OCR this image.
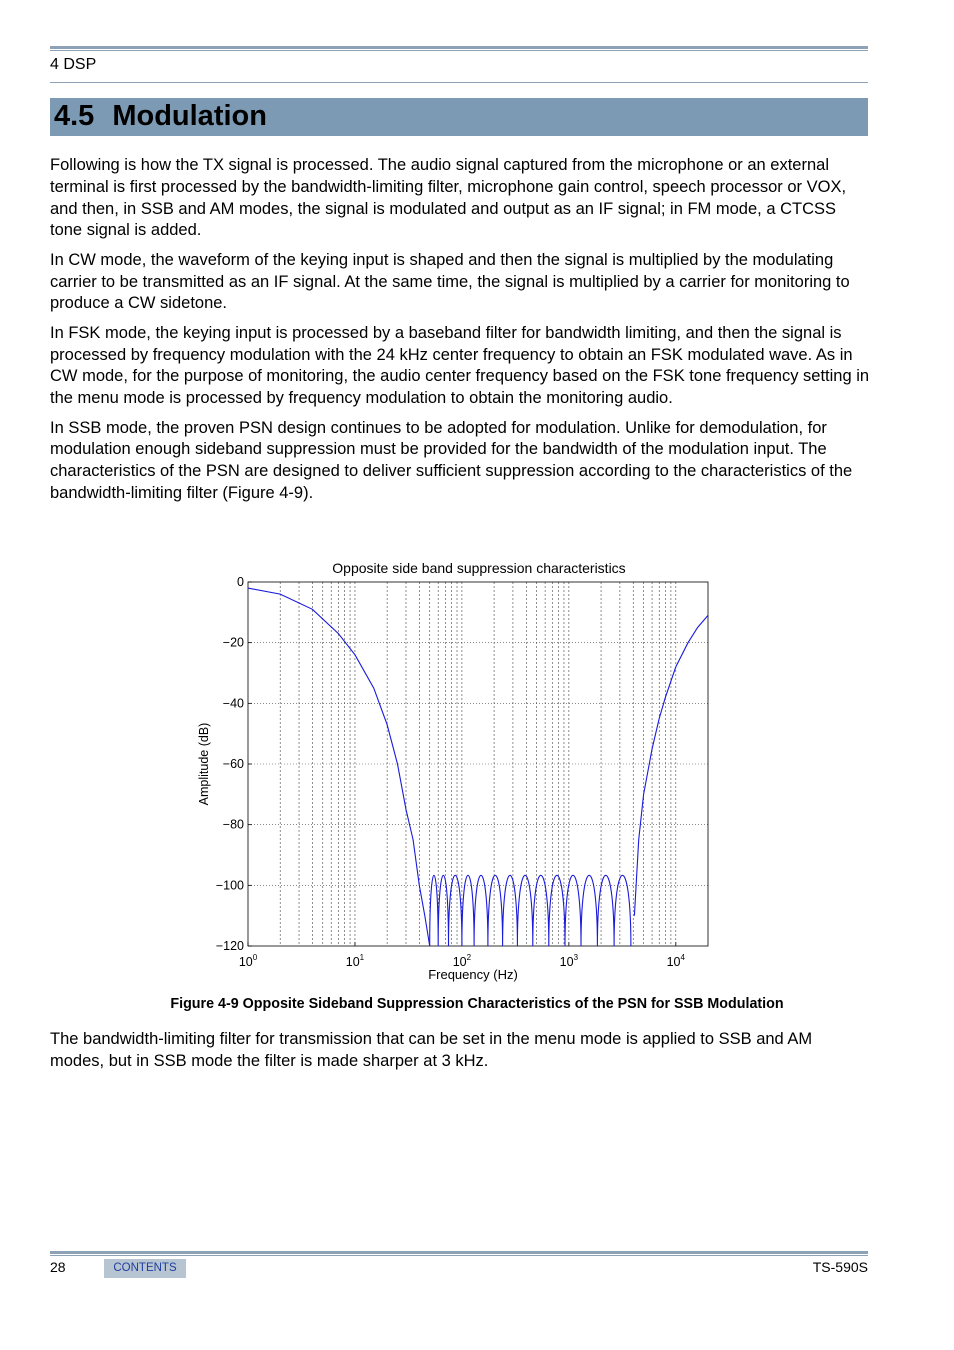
4 DSP
4.5 Modulation

Following is how the TX signal is processed. The audio signal captured from the microphone or an external terminal is first processed by the bandwidth-limiting filter, microphone gain control, speech processor or VOX, and then, in SSB and AM modes, the signal is modulated and output as an IF signal; in FM mode, a CTCSS tone signal is added.

In CW mode, the waveform of the keying input is shaped and then the signal is multiplied by the modulating carrier to be transmitted as an IF signal. At the same time, the signal is multiplied by a carrier for monitoring to produce a CW sidetone.

In FSK mode, the keying input is processed by a baseband filter for bandwidth limiting, and then the signal is processed by frequency modulation with the 24 kHz center frequency to obtain an FSK modulated wave. As in CW mode, for the purpose of monitoring, the audio center frequency based on the FSK tone frequency setting in the menu mode is processed by frequency modulation to obtain the monitoring audio.

In SSB mode, the proven PSN design continues to be adopted for modulation. Unlike for demodulation, for modulation enough sideband suppression must be provided for the bandwidth of the modulation input. The characteristics of the PSN are designed to deliver sufficient suppression according to the characteristics of the bandwidth-limiting filter (Figure 4-9).

0
−20
−40
−60
−80
−100
−120
$10^0$	$10^1$	$10^2$	$10^3$	$10^4$
Opposite side band suppression characteristics
Frequency (Hz)
Amplitude (dB)
Figure 4-9 Opposite Sideband Suppression Characteristics of the PSN for SSB Modulation

The bandwidth-limiting filter for transmission that can be set in the menu mode is applied to SSB and AM modes, but in SSB mode the filter is made sharper at 3 kHz.

28	CONTENTS	TS-590S
